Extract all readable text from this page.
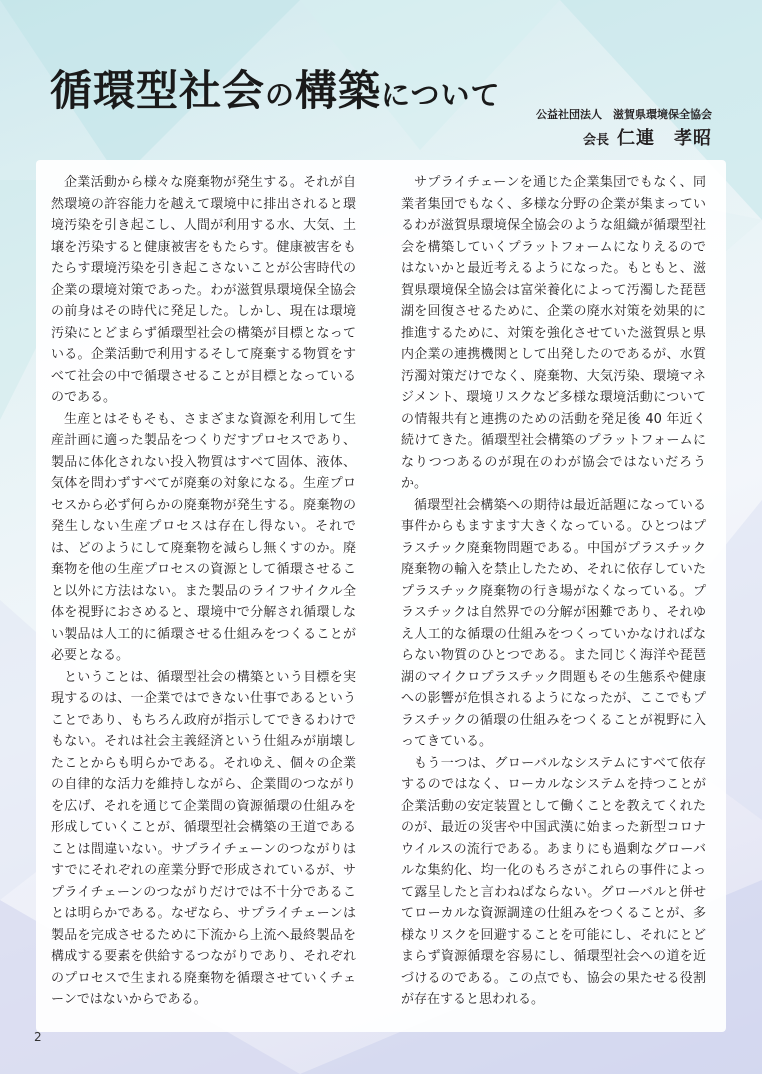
循環型社会の構築について
公益社団法人　滋賀県環境保全協会
会長 仁連　孝昭

企業活動から様々な廃棄物が発生する。それが自然環境の許容能力を越えて環境中に排出されると環境汚染を引き起こし、人間が利用する水、大気、土壌を汚染すると健康被害をもたらす。健康被害をもたらす環境汚染を引き起こさないことが公害時代の企業の環境対策であった。わが滋賀県環境保全協会の前身はその時代に発足した。しかし、現在は環境汚染にとどまらず循環型社会の構築が目標となっている。企業活動で利用するそして廃棄する物質をすべて社会の中で循環させることが目標となっているのである。

生産とはそもそも、さまざまな資源を利用して生産計画に適った製品をつくりだすプロセスであり、製品に体化されない投入物質はすべて固体、液体、気体を問わずすべてが廃棄の対象になる。生産プロセスから必ず何らかの廃棄物が発生する。廃棄物の発生しない生産プロセスは存在し得ない。それでは、どのようにして廃棄物を減らし無くすのか。廃棄物を他の生産プロセスの資源として循環させること以外に方法はない。また製品のライフサイクル全体を視野におさめると、環境中で分解され循環しない製品は人工的に循環させる仕組みをつくることが必要となる。

ということは、循環型社会の構築という目標を実現するのは、一企業ではできない仕事であるということであり、もちろん政府が指示してできるわけでもない。それは社会主義経済という仕組みが崩壊したことからも明らかである。それゆえ、個々の企業の自律的な活力を維持しながら、企業間のつながりを広げ、それを通じて企業間の資源循環の仕組みを形成していくことが、循環型社会構築の王道であることは間違いない。サプライチェーンのつながりはすでにそれぞれの産業分野で形成されているが、サプライチェーンのつながりだけでは不十分であることは明らかである。なぜなら、サプライチェーンは製品を完成させるために下流から上流へ最終製品を構成する要素を供給するつながりであり、それぞれのプロセスで生まれる廃棄物を循環させていくチェーンではないからである。

サプライチェーンを通じた企業集団でもなく、同業者集団でもなく、多様な分野の企業が集まっているわが滋賀県環境保全協会のような組織が循環型社会を構築していくプラットフォームになりえるのではないかと最近考えるようになった。もともと、滋賀県環境保全協会は富栄養化によって汚濁した琵琶湖を回復させるために、企業の廃水対策を効果的に推進するために、対策を強化させていた滋賀県と県内企業の連携機関として出発したのであるが、水質汚濁対策だけでなく、廃棄物、大気汚染、環境マネジメント、環境リスクなど多様な環境活動についての情報共有と連携のための活動を発足後 40 年近く続けてきた。循環型社会構築のプラットフォームになりつつあるのが現在のわが協会ではないだろうか。

循環型社会構築への期待は最近話題になっている事件からもますます大きくなっている。ひとつはプラスチック廃棄物問題である。中国がプラスチック廃棄物の輸入を禁止したため、それに依存していたプラスチック廃棄物の行き場がなくなっている。プラスチックは自然界での分解が困難であり、それゆえ人工的な循環の仕組みをつくっていかなければならない物質のひとつである。また同じく海洋や琵琶湖のマイクロプラスチック問題もその生態系や健康への影響が危惧されるようになったが、ここでもプラスチックの循環の仕組みをつくることが視野に入ってきている。

もう一つは、グローバルなシステムにすべて依存するのではなく、ローカルなシステムを持つことが企業活動の安定装置として働くことを教えてくれたのが、最近の災害や中国武漢に始まった新型コロナウイルスの流行である。あまりにも過剰なグローバルな集約化、均一化のもろさがこれらの事件によって露呈したと言わねばならない。グローバルと併せてローカルな資源調達の仕組みをつくることが、多様なリスクを回避することを可能にし、それにとどまらず資源循環を容易にし、循環型社会への道を近づけるのである。この点でも、協会の果たせる役割が存在すると思われる。

2
